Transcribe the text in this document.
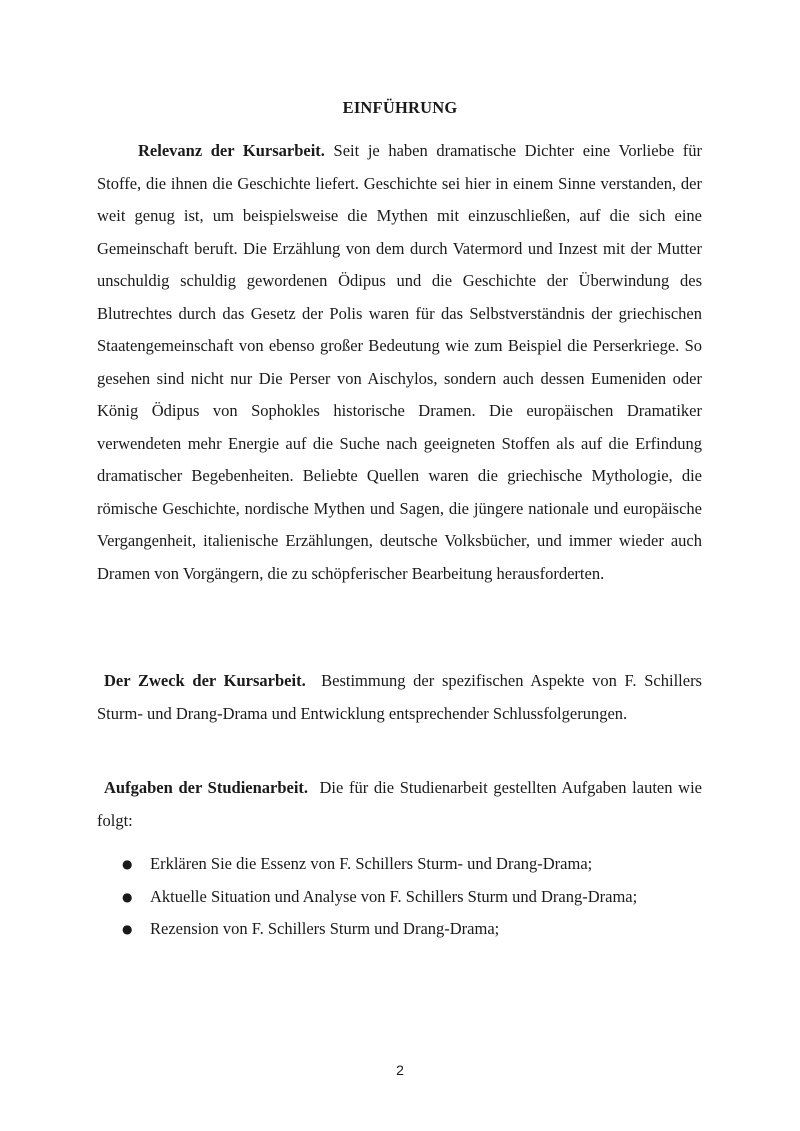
EINFÜHRUNG

Relevanz der Kursarbeit. Seit je haben dramatische Dichter eine Vorliebe für Stoffe, die ihnen die Geschichte liefert. Geschichte sei hier in einem Sinne verstanden, der weit genug ist, um beispielsweise die Mythen mit einzuschließen, auf die sich eine Gemeinschaft beruft. Die Erzählung von dem durch Vatermord und Inzest mit der Mutter unschuldig schuldig gewordenen Ödipus und die Geschichte der Überwindung des Blutrechtes durch das Gesetz der Polis waren für das Selbstverständnis der griechischen Staatengemeinschaft von ebenso großer Bedeutung wie zum Beispiel die Perserkriege. So gesehen sind nicht nur Die Perser von Aischylos, sondern auch dessen Eumeniden oder König Ödipus von Sophokles historische Dramen. Die europäischen Dramatiker verwendeten mehr Energie auf die Suche nach geeigneten Stoffen als auf die Erfindung dramatischer Begebenheiten. Beliebte Quellen waren die griechische Mythologie, die römische Geschichte, nordische Mythen und Sagen, die jüngere nationale und europäische Vergangenheit, italienische Erzählungen, deutsche Volksbücher, und immer wieder auch Dramen von Vorgängern, die zu schöpferischer Bearbeitung herausforderten.

Der Zweck der Kursarbeit.  Bestimmung der spezifischen Aspekte von F. Schillers Sturm- und Drang-Drama und Entwicklung entsprechender Schlussfolgerungen.

Aufgaben der Studienarbeit.  Die für die Studienarbeit gestellten Aufgaben lauten wie folgt:

● Erklären Sie die Essenz von F. Schillers Sturm- und Drang-Drama;
● Aktuelle Situation und Analyse von F. Schillers Sturm und Drang-Drama;
● Rezension von F. Schillers Sturm und Drang-Drama;

2
